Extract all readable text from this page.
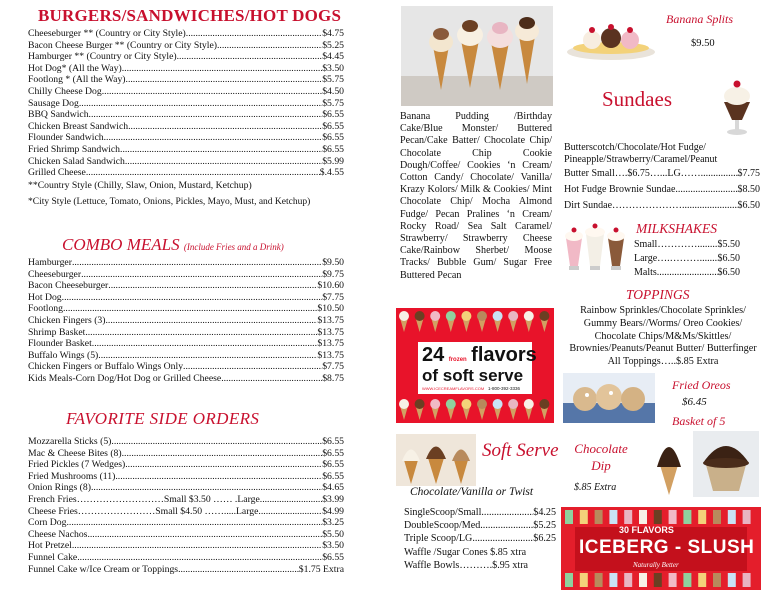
BURGERS/SANDWICHES/HOT DOGS
Cheeseburger ** (Country or City Style) .....	$4.75
Bacon Cheese Burger ** (Country or City Style) .....	$5.25
Hamburger ** (Country or City Style) .....	$4.45
Hot Dog* (All the Way) .....	$3.50
Footlong * (All the Way) .....	$5.75
Chilly Cheese Dog .....	$4.50
Sausage Dog .....	$5.75
BBQ Sandwich .....	$6.55
Chicken Breast Sandwich .....	$6.55
Flounder Sandwich .....	$6.55
Fried Shrimp Sandwich .....	$6.55
Chicken Salad Sandwich .....	$5.99
Grilled Cheese .....	$.4.55
**Country Style (Chilly, Slaw, Onion, Mustard, Ketchup)
*City Style (Lettuce, Tomato, Onions, Pickles, Mayo, Must, and Ketchup)
COMBO MEALS (Include Fries and a Drink)
Hamburger .....	$9.50
Cheeseburger .....	$9.75
Bacon Cheeseburger .....	$10.60
Hot Dog .....	$7.75
Footlong .....	$10.50
Chicken Fingers (3) .....	$13.75
Shrimp Basket .....	$13.75
Flounder Basket .....	$13.75
Buffalo Wings (5) .....	$13.75
Chicken Fingers or Buffalo Wings Only .....	$7.75
Kids Meals-Corn Dog/Hot Dog or Grilled Cheese .....	$8.75
FAVORITE SIDE ORDERS
Mozzarella Sticks (5) .....	$6.55
Mac & Cheese Bites (8) .....	$6.55
Fried Pickles (7 Wedges) .....	$6.55
Fried Mushrooms (11) .....	$6.55
Onion Rings (8) .....	$4.65
French Fries………………………Small $3.50 …… .Large .....	$3.99
Cheese Fries……………………Small $4.50 …….....Large .....	$4.99
Corn Dog .....	$3.25
Cheese Nachos .....	$5.50
Hot Pretzel .....	$3.50
Funnel Cake .....	$6.55
Funnel Cake w/Ice Cream or Toppings .....	$1.75 Extra
Banana Pudding /Birthday Cake/Blue Monster/ Buttered Pecan/Cake Batter/ Chocolate Chip/ Chocolate Chip Cookie Dough/Coffee/ Cookies ‘n Cream/ Cotton Candy/ Chocolate/ Vanilla/ Krazy Kolors/ Milk & Cookies/ Mint Chocolate Chip/ Mocha Almond Fudge/ Pecan Pralines ‘n Cream/ Rocky Road/ Sea Salt Caramel/ Strawberry/ Strawberry Cheese Cake/Rainbow Sherbet/ Moose Tracks/ Bubble Gum/ Sugar Free Buttered Pecan
24 frozen flavors
of soft serve
WWW.ICECREAMFLAVORS.COM 1-800-392-3336
Soft Serve
Chocolate/Vanilla or Twist
SingleScoop/Small .....	$4.25
DoubleScoop/Med .....	$5.25
Triple Scoop/LG .....	$6.25
Waffle /Sugar Cones $.85 xtra
Waffle Bowls……….$.95 xtra
Banana Splits
$9.50
Sundaes
Butterscotch/Chocolate/Hot Fudge/ Pineapple/Strawberry/Caramel/Peanut
Butter Small….$6.75…...LG…….. .....	$7.75
Hot Fudge Brownie Sundae .....	$8.50
Dirt Sundae…………………. .....	$6.50
MILKSHAKES
Small…………. ..... $5.50
Large….………. ..... $6.50
Malts .....	$6.50
TOPPINGS
Rainbow Sprinkles/Chocolate Sprinkles/ Gummy Bears//Worms/ Oreo Cookies/ Chocolate Chips/M&Ms/Skittles/ Brownies/Peanuts/Peanut Butter/ Butterfinger All Toppings…..$.85 Extra
Fried Oreos
$6.45
Basket of 5
Chocolate
Dip
$.85 Extra
30 FLAVORS
ICEBERG - SLUSH
Naturally Better
